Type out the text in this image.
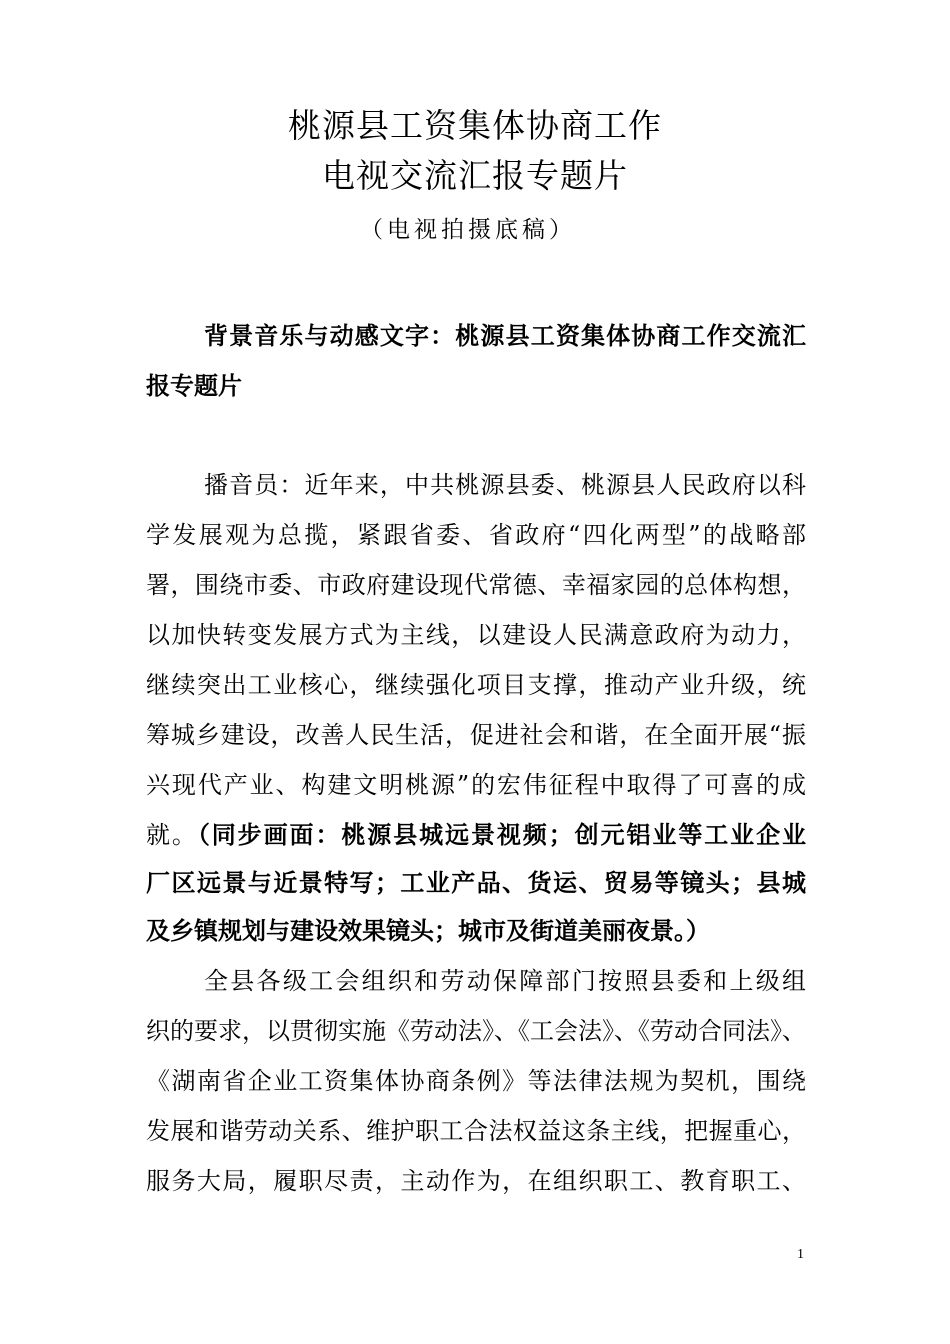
桃源县工资集体协商工作
电视交流汇报专题片
（电视拍摄底稿）
背景音乐与动感文字：桃源县工资集体协商工作交流汇
报专题片
播音员：近年来，中共桃源县委、桃源县人民政府以科
学发展观为总揽，紧跟省委、省政府“四化两型”的战略部
署，围绕市委、市政府建设现代常德、幸福家园的总体构想，
以加快转变发展方式为主线，以建设人民满意政府为动力，
继续突出工业核心，继续强化项目支撑，推动产业升级，统
筹城乡建设，改善人民生活，促进社会和谐，在全面开展“振
兴现代产业、构建文明桃源”的宏伟征程中取得了可喜的成
就。（同步画面：桃源县城远景视频；创元铝业等工业企业
厂区远景与近景特写；工业产品、货运、贸易等镜头；县城
及乡镇规划与建设效果镜头；城市及街道美丽夜景。）
全县各级工会组织和劳动保障部门按照县委和上级组
织的要求，以贯彻实施《劳动法》、《工会法》、《劳动合同法》、
《湖南省企业工资集体协商条例》等法律法规为契机，围绕
发展和谐劳动关系、维护职工合法权益这条主线，把握重心，
服务大局，履职尽责，主动作为，在组织职工、教育职工、
1
